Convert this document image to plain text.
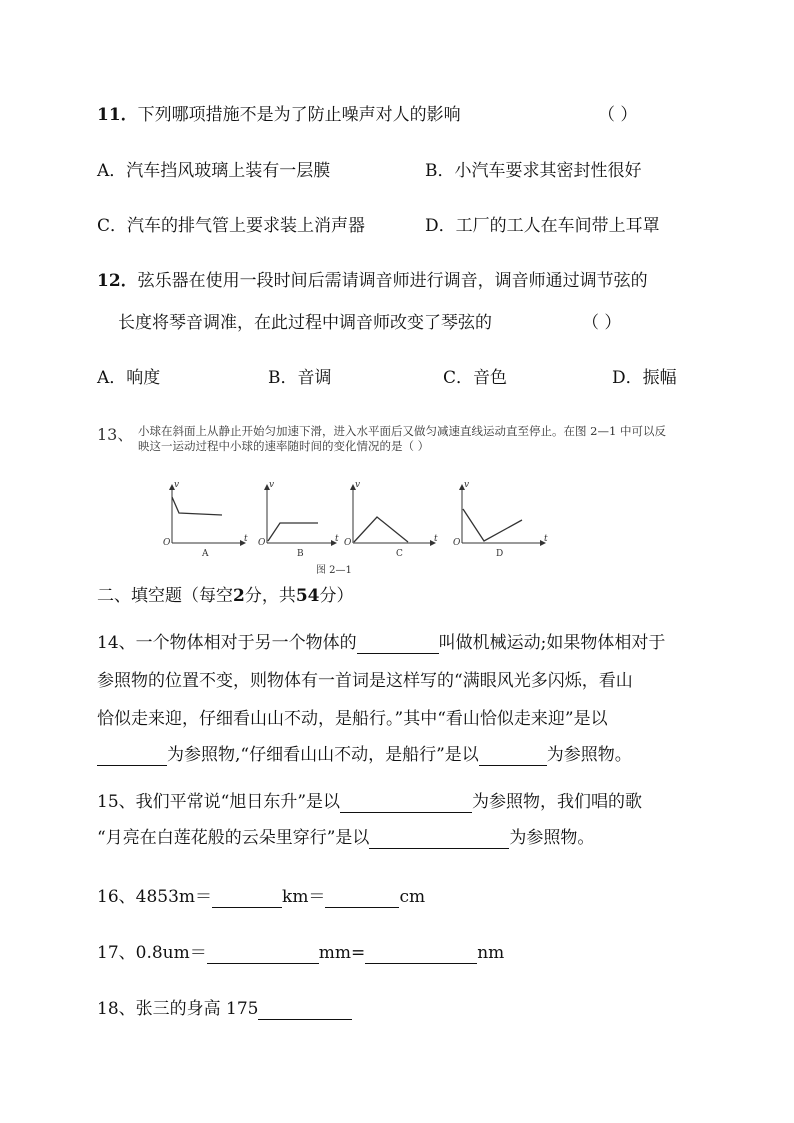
11．下列哪项措施不是为了防止噪声对人的影响	（ ）
A．汽车挡风玻璃上装有一层膜	B．小汽车要求其密封性很好
C．汽车的排气管上要求装上消声器	D．工厂的工人在车间带上耳罩
12．弦乐器在使用一段时间后需请调音师进行调音，调音师通过调节弦的
长度将琴音调准，在此过程中调音师改变了琴弦的	（ ）
A．响度	B．音调	C．音色	D．振幅
13、 小球在斜面上从静止开始匀加速下滑，进入水平面后又做匀减速直线运动直至停止。在图 2—1 中可以反
映这一运动过程中小球的速率随时间的变化情况的是（ ）
v
t
O
A
v
t
O
B
v
t
O
C
v
t
O
D
图 2—1
二、填空题（每空2分，共54分）
14、一个物体相对于另一个物体的	叫做机械运动;如果物体相对于
参照物的位置不变，则物体有一首词是这样写的“满眼风光多闪烁，看山
恰似走来迎，仔细看山山不动，是船行。”其中“看山恰似走来迎”是以
为参照物,“仔细看山山不动，是船行”是以	为参照物。
15、我们平常说“旭日东升”是以	为参照物，我们唱的歌
“月亮在白莲花般的云朵里穿行”是以	为参照物。
16、4853m＝	km＝	cm
17、0.8um＝	mm=	nm
18、张三的身高 175
